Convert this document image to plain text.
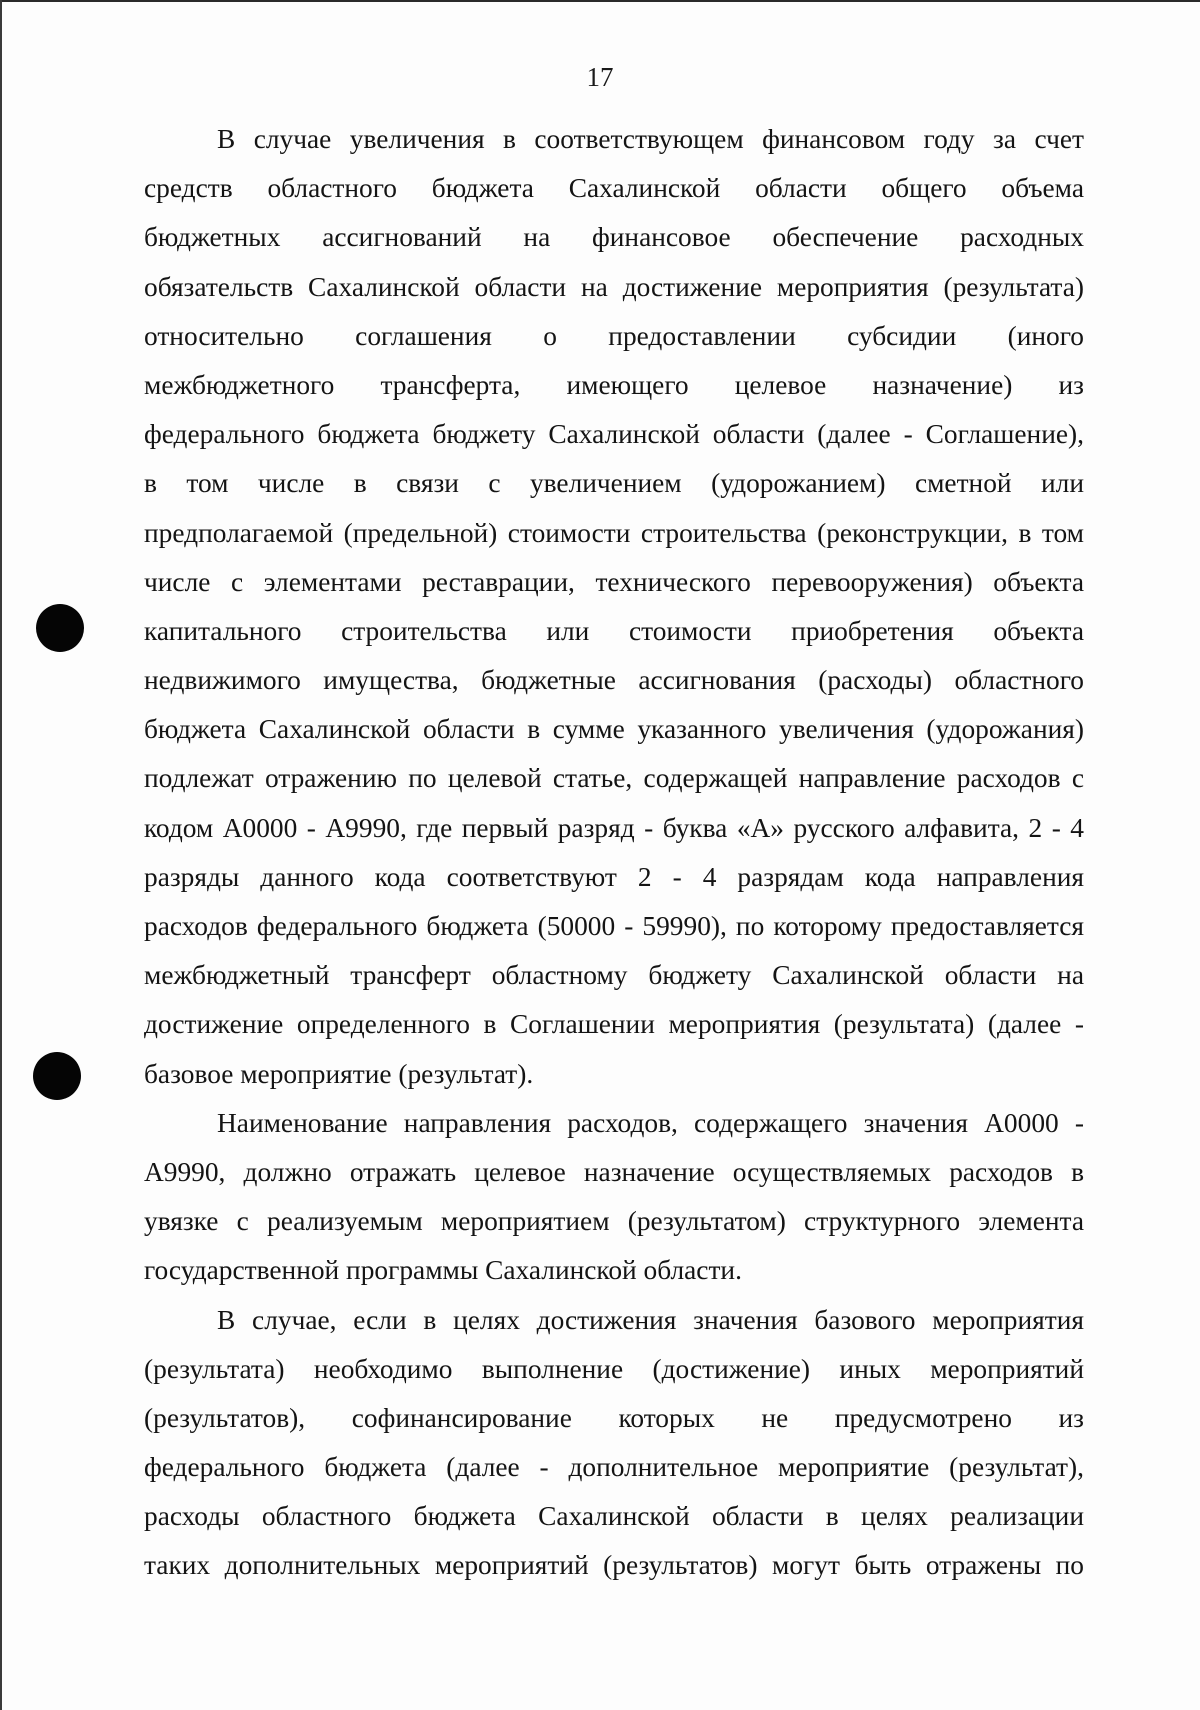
17
В случае увеличения в соответствующем финансовом году за счет
средств областного бюджета Сахалинской области общего объема
бюджетных ассигнований на финансовое обеспечение расходных
обязательств Сахалинской области на достижение мероприятия (результата)
относительно соглашения о предоставлении субсидии (иного
межбюджетного трансферта, имеющего целевое назначение) из
федерального бюджета бюджету Сахалинской области (далее - Соглашение),
в том числе в связи с увеличением (удорожанием) сметной или
предполагаемой (предельной) стоимости строительства (реконструкции, в том
числе с элементами реставрации, технического перевооружения) объекта
капитального строительства или стоимости приобретения объекта
недвижимого имущества, бюджетные ассигнования (расходы) областного
бюджета Сахалинской области в сумме указанного увеличения (удорожания)
подлежат отражению по целевой статье, содержащей направление расходов с
кодом А0000 - А9990, где первый разряд - буква «А» русского алфавита, 2 - 4
разряды данного кода соответствуют 2 - 4 разрядам кода направления
расходов федерального бюджета (50000 - 59990), по которому предоставляется
межбюджетный трансферт областному бюджету Сахалинской области на
достижение определенного в Соглашении мероприятия (результата) (далее -
базовое мероприятие (результат).
Наименование направления расходов, содержащего значения А0000 -
А9990, должно отражать целевое назначение осуществляемых расходов в
увязке с реализуемым мероприятием (результатом) структурного элемента
государственной программы Сахалинской области.
В случае, если в целях достижения значения базового мероприятия
(результата) необходимо выполнение (достижение) иных мероприятий
(результатов), софинансирование которых не предусмотрено из
федерального бюджета (далее - дополнительное мероприятие (результат),
расходы областного бюджета Сахалинской области в целях реализации
таких дополнительных мероприятий (результатов) могут быть отражены по
